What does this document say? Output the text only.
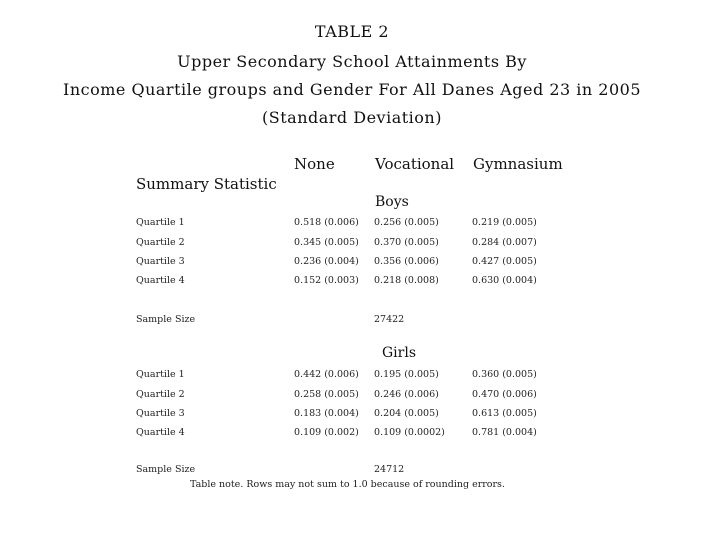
TABLE 2
Upper Secondary School Attainments By
Income Quartile groups and Gender For All Danes Aged 23 in 2005
(Standard Deviation)
None	Vocational Gymnasium
Summary Statistic
Boys
Quartile 1	0.518 (0.006) 0.256 (0.005)	0.219 (0.005)
Quartile 2	0.345 (0.005) 0.370 (0.005)	0.284 (0.007)
Quartile 3	0.236 (0.004) 0.356 (0.006)	0.427 (0.005)
Quartile 4	0.152 (0.003) 0.218 (0.008)	0.630 (0.004)
Sample Size	27422
Girls
Quartile 1	0.442 (0.006) 0.195 (0.005)	0.360 (0.005)
Quartile 2	0.258 (0.005) 0.246 (0.006)	0.470 (0.006)
Quartile 3	0.183 (0.004) 0.204 (0.005)	0.613 (0.005)
Quartile 4	0.109 (0.002) 0.109 (0.0002)	0.781 (0.004)
Sample Size	24712
Table note. Rows may not sum to 1.0 because of rounding errors.
